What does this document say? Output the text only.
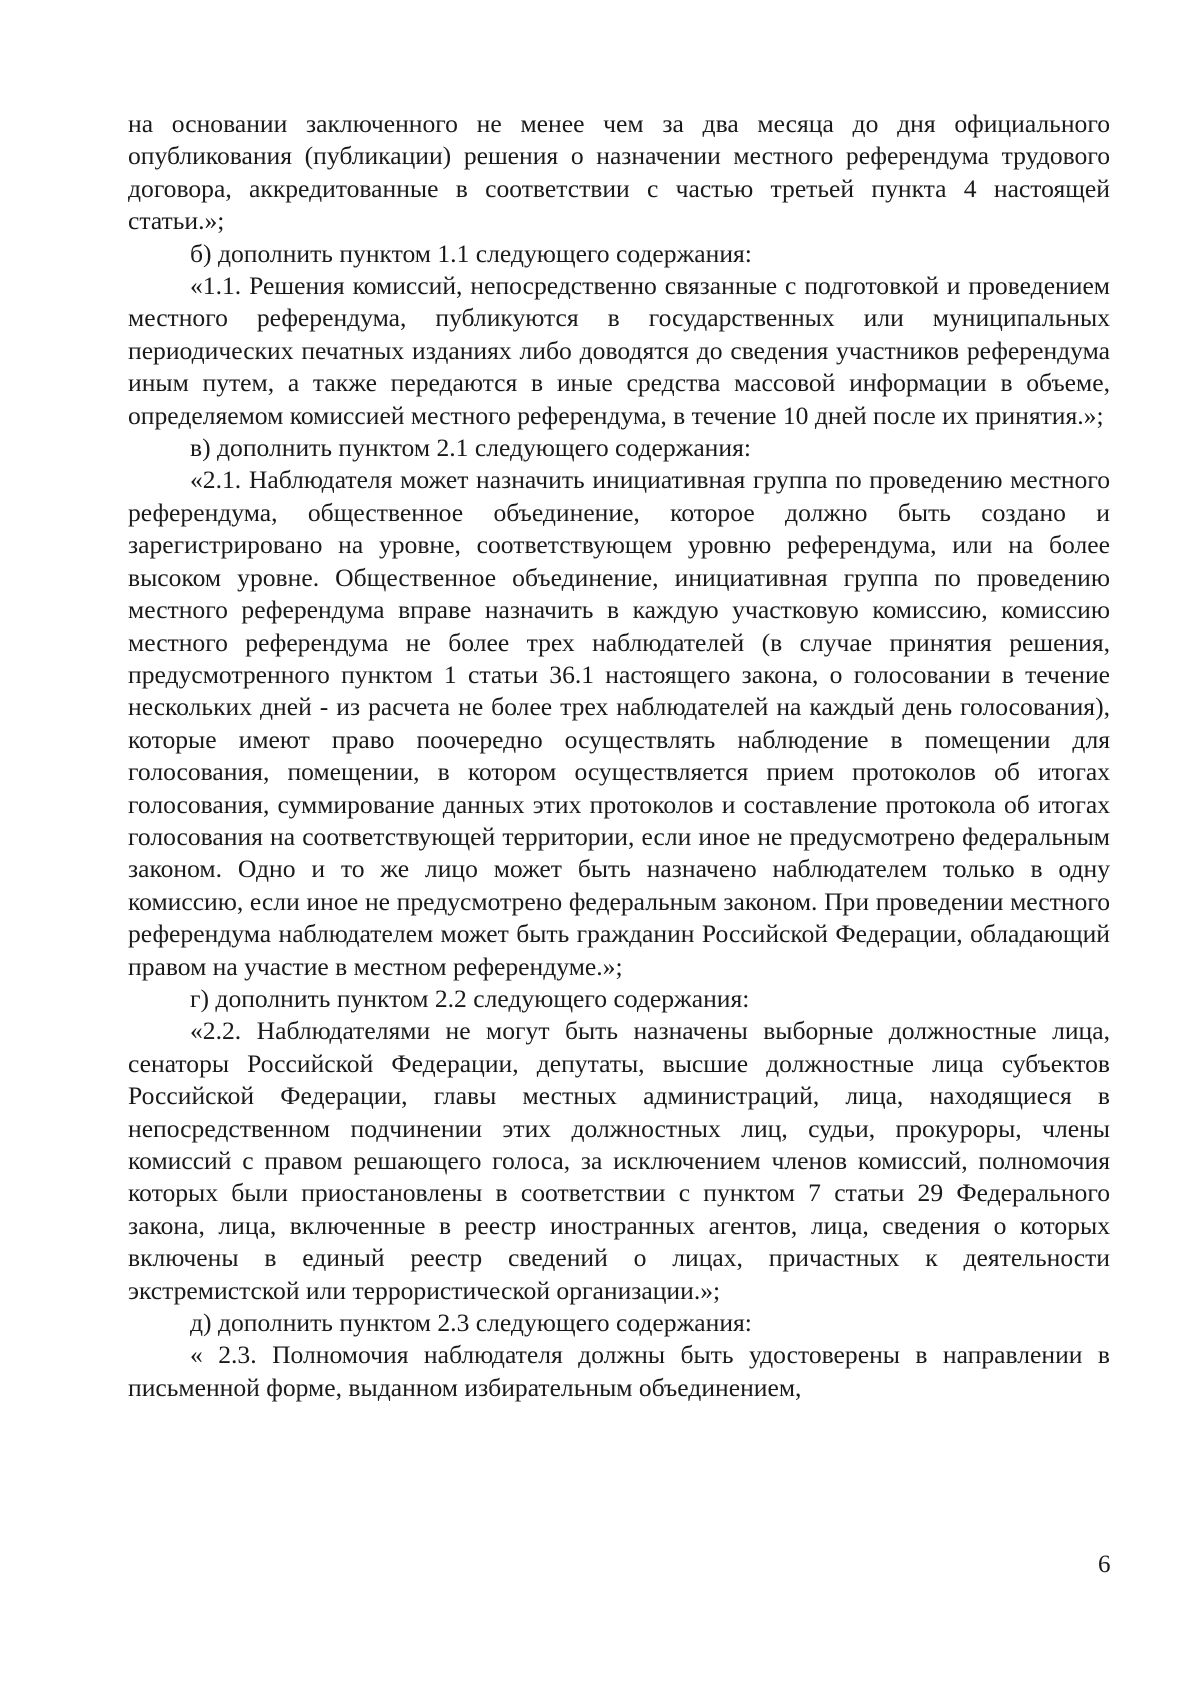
на основании заключенного не менее чем за два месяца до дня официального опубликования (публикации) решения о назначении местного референдума трудового договора, аккредитованные в соответствии с частью третьей пункта 4 настоящей статьи.»;

б) дополнить пунктом 1.1 следующего содержания:

«1.1. Решения комиссий, непосредственно связанные с подготовкой и проведением местного референдума, публикуются в государственных или муниципальных периодических печатных изданиях либо доводятся до сведения участников референдума иным путем, а также передаются в иные средства массовой информации в объеме, определяемом комиссией местного референдума, в течение 10 дней после их принятия.»;

в) дополнить пунктом 2.1 следующего содержания:

«2.1. Наблюдателя может назначить инициативная группа по проведению местного референдума, общественное объединение, которое должно быть создано и зарегистрировано на уровне, соответствующем уровню референдума, или на более высоком уровне. Общественное объединение, инициативная группа по проведению местного референдума вправе назначить в каждую участковую комиссию, комиссию местного референдума не более трех наблюдателей (в случае принятия решения, предусмотренного пунктом 1 статьи 36.1 настоящего закона, о голосовании в течение нескольких дней - из расчета не более трех наблюдателей на каждый день голосования), которые имеют право поочередно осуществлять наблюдение в помещении для голосования, помещении, в котором осуществляется прием протоколов об итогах голосования, суммирование данных этих протоколов и составление протокола об итогах голосования на соответствующей территории, если иное не предусмотрено федеральным законом. Одно и то же лицо может быть назначено наблюдателем только в одну комиссию, если иное не предусмотрено федеральным законом. При проведении местного референдума наблюдателем может быть гражданин Российской Федерации, обладающий правом на участие в местном референдуме.»;

г) дополнить пунктом 2.2 следующего содержания:

«2.2. Наблюдателями не могут быть назначены выборные должностные лица, сенаторы Российской Федерации, депутаты, высшие должностные лица субъектов Российской Федерации, главы местных администраций, лица, находящиеся в непосредственном подчинении этих должностных лиц, судьи, прокуроры, члены комиссий с правом решающего голоса, за исключением членов комиссий, полномочия которых были приостановлены в соответствии с пунктом 7 статьи 29 Федерального закона, лица, включенные в реестр иностранных агентов, лица, сведения о которых включены в единый реестр сведений о лицах, причастных к деятельности экстремистской или террористической организации.»;

д) дополнить пунктом 2.3 следующего содержания:

« 2.3. Полномочия наблюдателя должны быть удостоверены в направлении в письменной форме, выданном избирательным объединением,

6
